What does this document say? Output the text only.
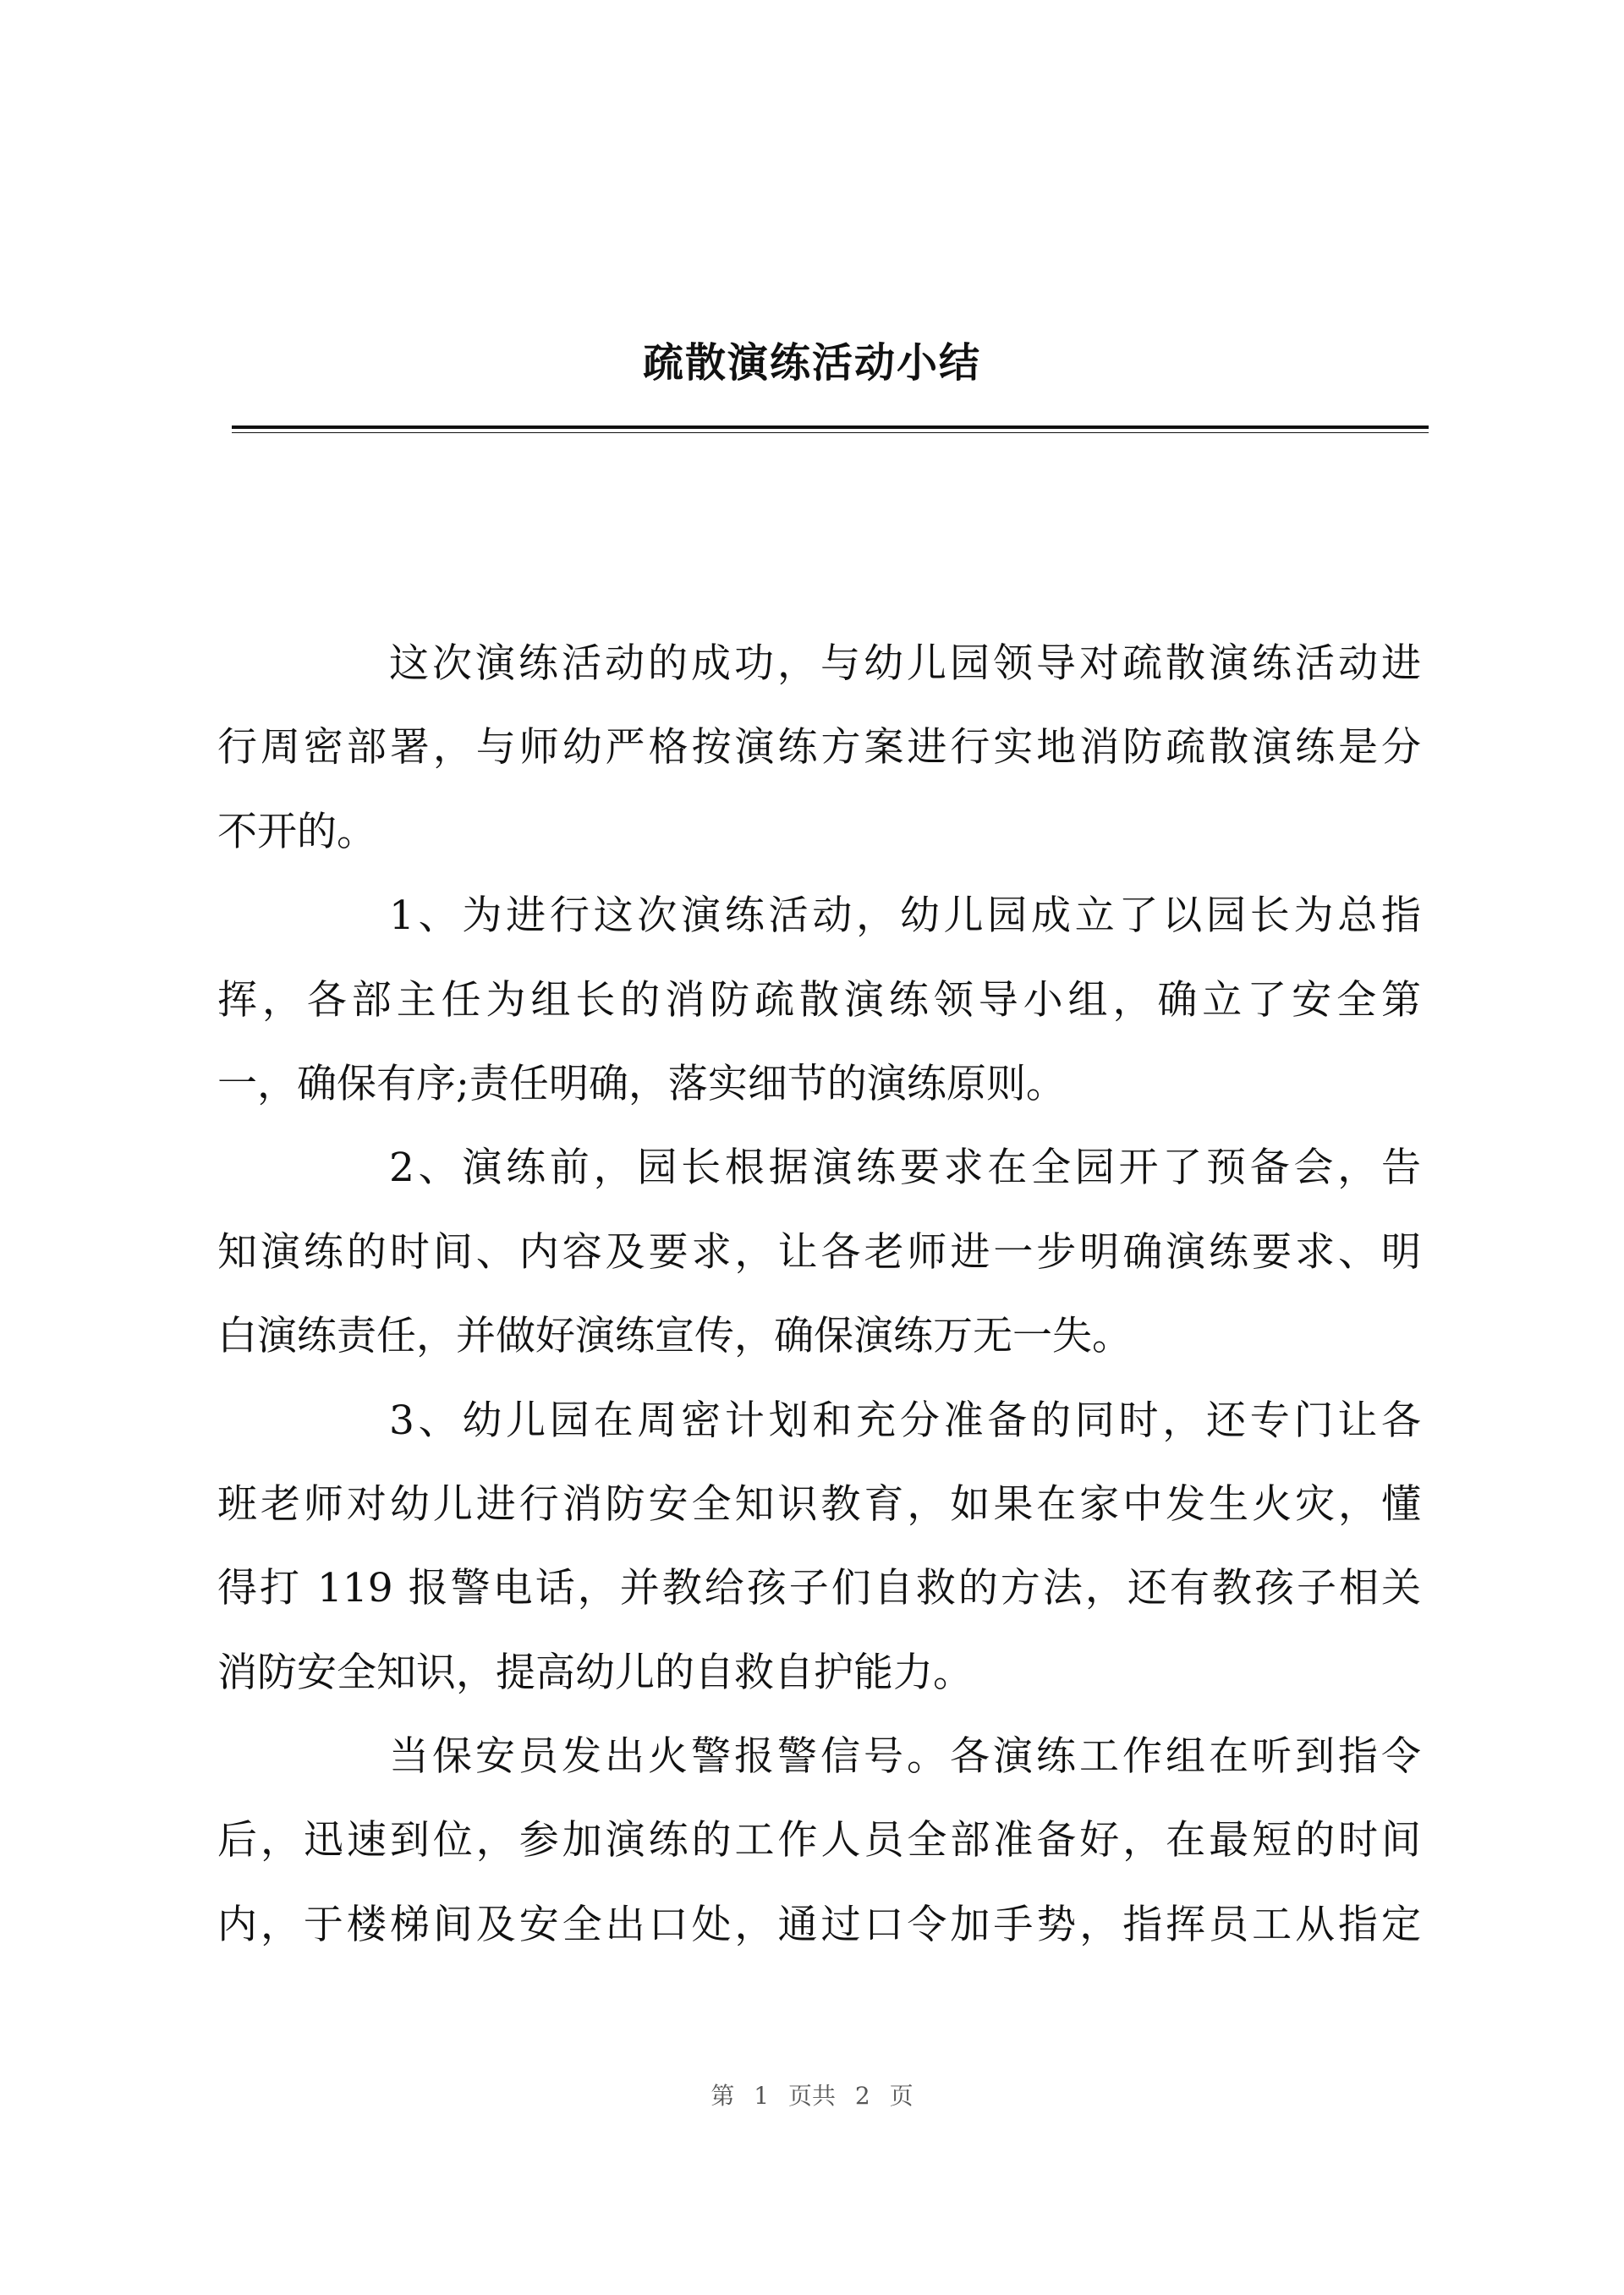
疏散演练活动小结
这次演练活动的成功，与幼儿园领导对疏散演练活动进
行周密部署，与师幼严格按演练方案进行实地消防疏散演练是分
不开的。
1、为进行这次演练活动，幼儿园成立了以园长为总指
挥，各部主任为组长的消防疏散演练领导小组，确立了安全第
一，确保有序;责任明确，落实细节的演练原则。
2、演练前，园长根据演练要求在全园开了预备会，告
知演练的时间、内容及要求，让各老师进一步明确演练要求、明
白演练责任，并做好演练宣传，确保演练万无一失。
3、幼儿园在周密计划和充分准备的同时，还专门让各
班老师对幼儿进行消防安全知识教育，如果在家中发生火灾，懂
得打 119 报警电话，并教给孩子们自救的方法，还有教孩子相关
消防安全知识，提高幼儿的自救自护能力。
当保安员发出火警报警信号。各演练工作组在听到指令
后，迅速到位，参加演练的工作人员全部准备好，在最短的时间
内，于楼梯间及安全出口处，通过口令加手势，指挥员工从指定
第 1 页共 2 页
